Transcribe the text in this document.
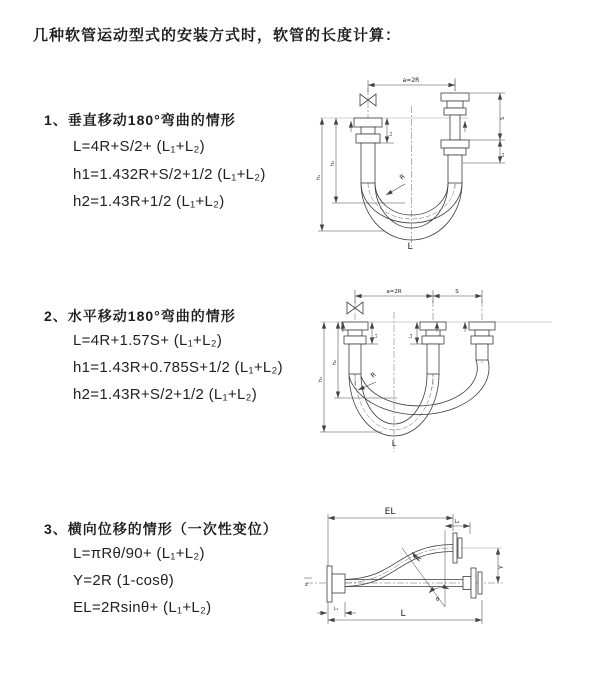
几种软管运动型式的安装方式时，软管的长度计算：
1、垂直移动180°弯曲的情形
L=4R+S/2+ (L₁+L₂)
h1=1.432R+S/2+1/2 (L₁+L₂)
h2=1.43R+1/2 (L₁+L₂)
2、水平移动180°弯曲的情形
L=4R+1.57S+ (L₁+L₂)
h1=1.43R+0.785S+1/2 (L₁+L₂)
h2=1.43R+S/2+1/2 (L₁+L₂)
3、横向位移的情形（一次性变位）
L=πRθ/90+ (L₁+L₂)
Y=2R (1-cosθ)
EL=2Rsinθ+ (L₁+L₂)
a=2R
h₁
h₂
L₁
S
L₂
R
L
a=2R	S
h₁
h₂
L₁	L₂
R
L
z
θ
EL
L₂
R
Y
L₁	L
